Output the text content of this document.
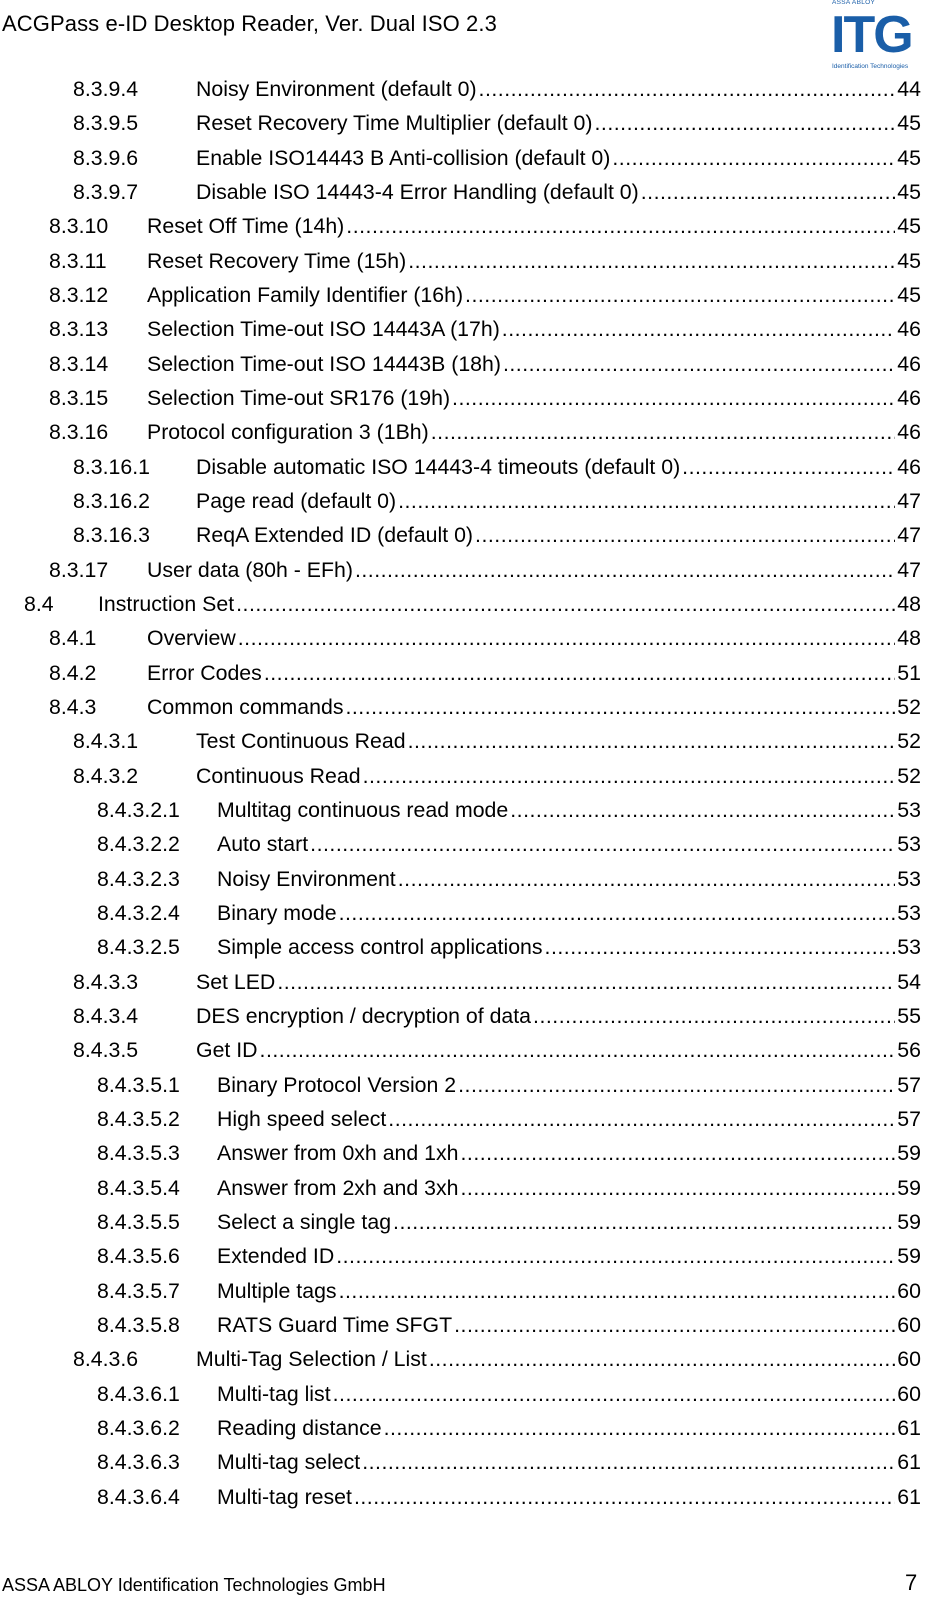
ACGPass e-ID Desktop Reader, Ver. Dual ISO 2.3
ASSA ABLOY
ITG
Identification Technologies
8.3.9.4	Noisy Environment (default 0) .....	44
8.3.9.5	Reset Recovery Time Multiplier (default 0) .....	45
8.3.9.6	Enable ISO14443 B Anti-collision (default 0) .....	45
8.3.9.7	Disable ISO 14443-4 Error Handling (default 0) .....	45
8.3.10	Reset Off Time (14h) .....	45
8.3.11	Reset Recovery Time (15h) .....	45
8.3.12	Application Family Identifier (16h) .....	45
8.3.13	Selection Time-out ISO 14443A (17h) .....	46
8.3.14	Selection Time-out ISO 14443B (18h) .....	46
8.3.15	Selection Time-out SR176 (19h) .....	46
8.3.16	Protocol configuration 3 (1Bh) .....	46
8.3.16.1	Disable automatic ISO 14443-4 timeouts (default 0) .....	46
8.3.16.2	Page read (default 0) .....	47
8.3.16.3	ReqA Extended ID (default 0) .....	47
8.3.17	User data (80h - EFh) .....	47
8.4	Instruction Set .....	48
8.4.1	Overview .....	48
8.4.2	Error Codes .....	51
8.4.3	Common commands .....	52
8.4.3.1	Test Continuous Read .....	52
8.4.3.2	Continuous Read .....	52
8.4.3.2.1	Multitag continuous read mode .....	53
8.4.3.2.2	Auto start .....	53
8.4.3.2.3	Noisy Environment .....	53
8.4.3.2.4	Binary mode .....	53
8.4.3.2.5	Simple access control applications .....	53
8.4.3.3	Set LED .....	54
8.4.3.4	DES encryption / decryption of data .....	55
8.4.3.5	Get ID .....	56
8.4.3.5.1	Binary Protocol Version 2 .....	57
8.4.3.5.2	High speed select .....	57
8.4.3.5.3	Answer from 0xh and 1xh .....	59
8.4.3.5.4	Answer from 2xh and 3xh .....	59
8.4.3.5.5	Select a single tag .....	59
8.4.3.5.6	Extended ID .....	59
8.4.3.5.7	Multiple tags .....	60
8.4.3.5.8	RATS Guard Time SFGT .....	60
8.4.3.6	Multi-Tag Selection / List .....	60
8.4.3.6.1	Multi-tag list .....	60
8.4.3.6.2	Reading distance .....	61
8.4.3.6.3	Multi-tag select .....	61
8.4.3.6.4	Multi-tag reset .....	61
ASSA ABLOY Identification Technologies GmbH	7
